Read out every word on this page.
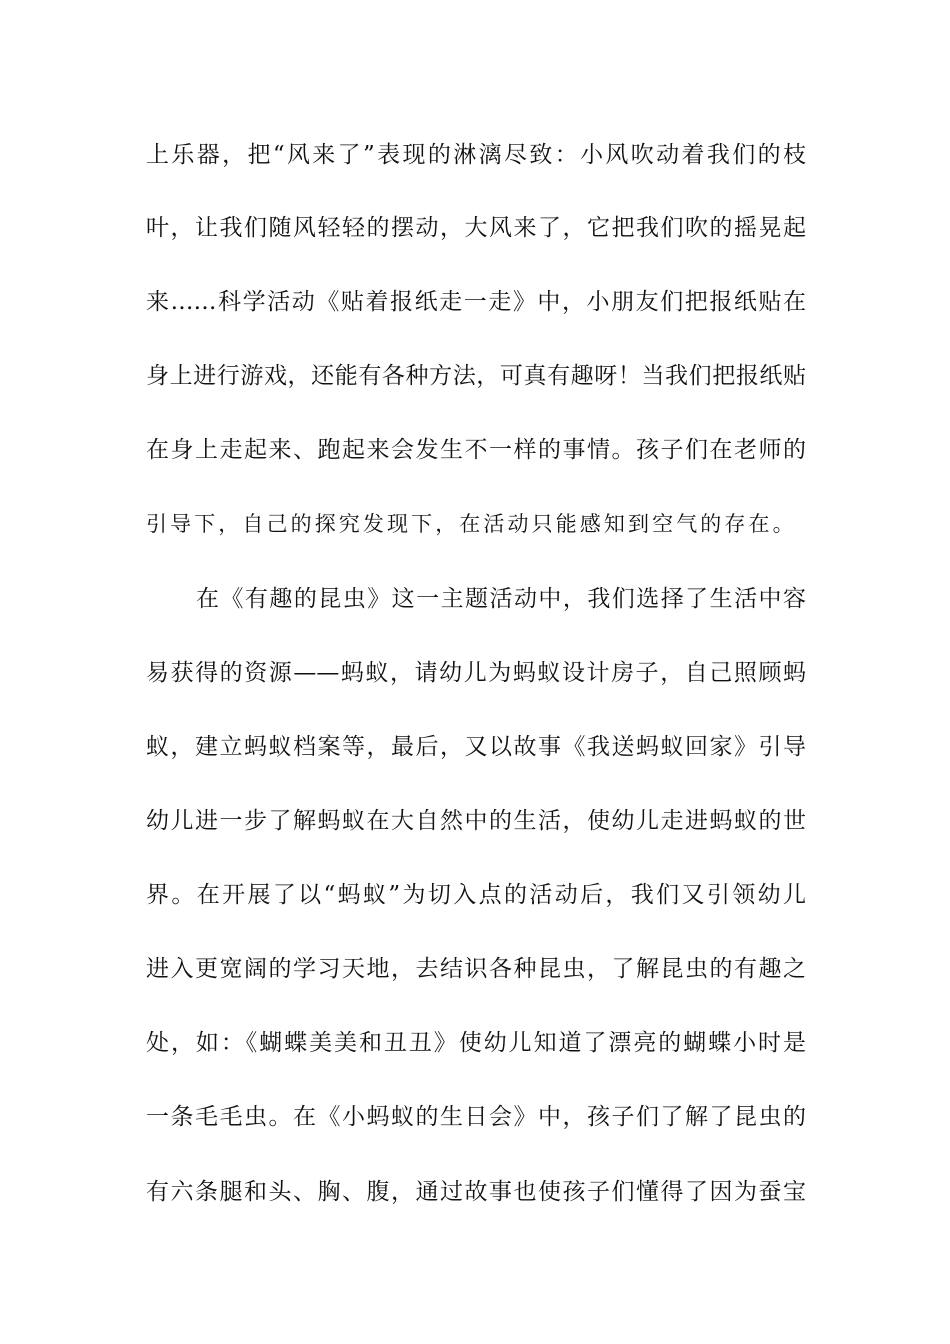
上乐器，把“风来了”表现的淋漓尽致：小风吹动着我们的枝
叶，让我们随风轻轻的摆动，大风来了，它把我们吹的摇晃起
来……科学活动《贴着报纸走一走》中，小朋友们把报纸贴在
身上进行游戏，还能有各种方法，可真有趣呀！当我们把报纸贴
在身上走起来、跑起来会发生不一样的事情。孩子们在老师的
引导下，自己的探究发现下，在活动只能感知到空气的存在。
在《有趣的昆虫》这一主题活动中，我们选择了生活中容
易获得的资源——蚂蚁，请幼儿为蚂蚁设计房子，自己照顾蚂
蚁，建立蚂蚁档案等，最后，又以故事《我送蚂蚁回家》引导
幼儿进一步了解蚂蚁在大自然中的生活，使幼儿走进蚂蚁的世
界。在开展了以“蚂蚁”为切入点的活动后，我们又引领幼儿
进入更宽阔的学习天地，去结识各种昆虫，了解昆虫的有趣之
处，如：《蝴蝶美美和丑丑》使幼儿知道了漂亮的蝴蝶小时是
一条毛毛虫。在《小蚂蚁的生日会》中，孩子们了解了昆虫的
有六条腿和头、胸、腹，通过故事也使孩子们懂得了因为蚕宝
